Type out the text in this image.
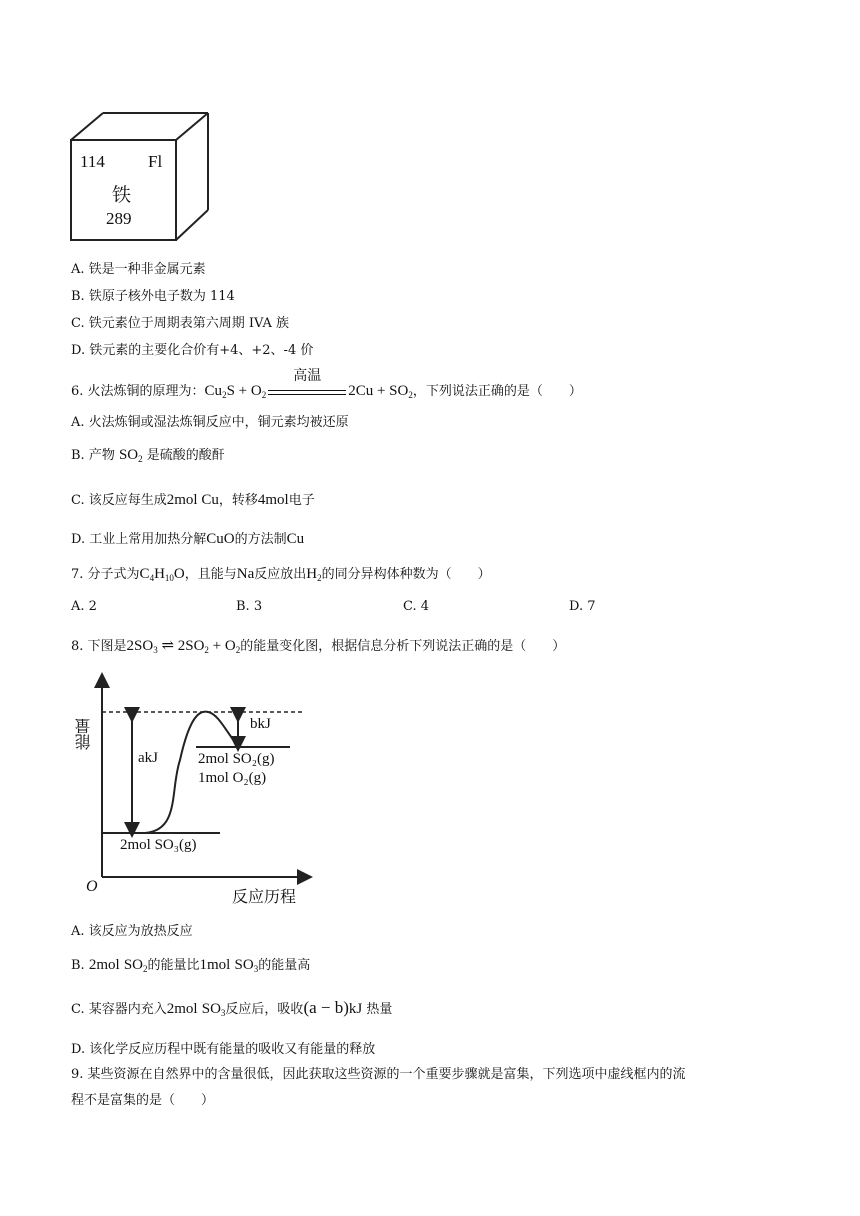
114	Fl
铁
289
A. 铁是一种非金属元素
B. 铁原子核外电子数为 114
C. 铁元素位于周期表第六周期 IVA 族
D. 铁元素的主要化合价有+4、+2、-4 价
6. 火法炼铜的原理为：$Cu_2S + O_2$
高温
$2Cu + SO_2$，下列说法正确的是（　　）
A. 火法炼铜或湿法炼铜反应中，铜元素均被还原
B. 产物 $SO_2$ 是硫酸的酸酐
C. 该反应每生成2mol Cu，转移4mol电子
D. 工业上常用加热分解CuO的方法制Cu
7. 分子式为$C_4H_{10}O$，且能与Na反应放出$H_2$的同分异构体种数为（　　）
A. 2	B. 3	C. 4	D. 7
8. 下图是$2SO_3$ ⇌ $2SO_2 + O_2$的能量变化图，根据信息分析下列说法正确的是（　　）
能量
反应历程
O
akJ
bkJ
2mol SO₂(g)
1mol O₂(g)
2mol SO₃(g)
A. 该反应为放热反应
B. 2mol $SO_2$的能量比1mol $SO_3$的能量高
C. 某容器内充入2mol $SO_3$反应后，吸收(a − b)kJ 热量
D. 该化学反应历程中既有能量的吸收又有能量的释放
9. 某些资源在自然界中的含量很低，因此获取这些资源的一个重要步骤就是富集，下列选项中虚线框内的流
程不是富集的是（　　）
